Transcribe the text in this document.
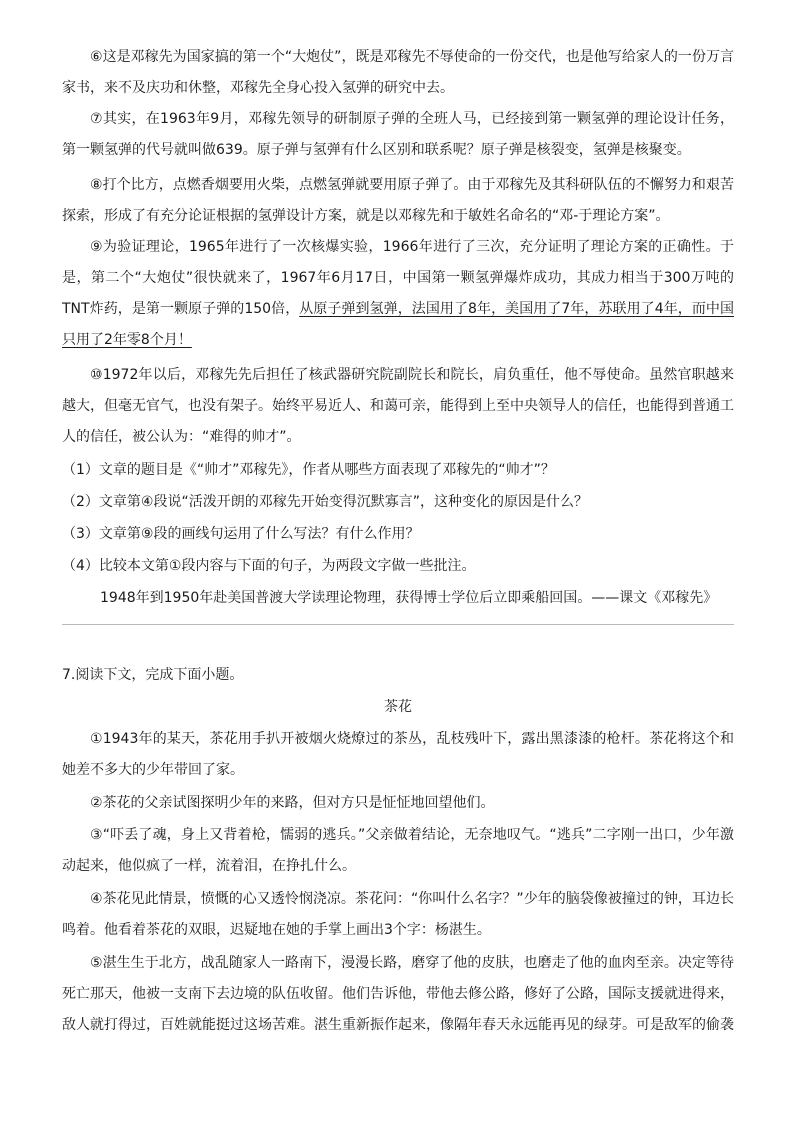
⑥这是邓稼先为国家搞的第一个“大炮仗”，既是邓稼先不辱使命的一份交代，也是他写给家人的一份万言家书，来不及庆功和休整，邓稼先全身心投入氢弹的研究中去。

⑦其实，在1963年9月，邓稼先领导的研制原子弹的全班人马，已经接到第一颗氢弹的理论设计任务，第一颗氢弹的代号就叫做639。原子弹与氢弹有什么区别和联系呢？原子弹是核裂变，氢弹是核聚变。

⑧打个比方，点燃香烟要用火柴，点燃氢弹就要用原子弹了。由于邓稼先及其科研队伍的不懈努力和艰苦探索，形成了有充分论证根据的氢弹设计方案，就是以邓稼先和于敏姓名命名的“邓-于理论方案”。

⑨为验证理论，1965年进行了一次核爆实验，1966年进行了三次，充分证明了理论方案的正确性。于是，第二个“大炮仗”很快就来了，1967年6月17日，中国第一颗氢弹爆炸成功，其成力相当于300万吨的TNT炸药，是第一颗原子弹的150倍，从原子弹到氢弹，法国用了8年，美国用了7年，苏联用了4年，而中国只用了2年零8个月！

⑩1972年以后，邓稼先先后担任了核武器研究院副院长和院长，肩负重任，他不辱使命。虽然官职越来越大，但毫无官气，也没有架子。始终平易近人、和蔼可亲，能得到上至中央领导人的信任，也能得到普通工人的信任，被公认为：“难得的帅才”。

（1）文章的题目是《“帅才”邓稼先》，作者从哪些方面表现了邓稼先的“帅才”？

（2）文章第④段说“活泼开朗的邓稼先开始变得沉默寡言”，这种变化的原因是什么？

（3）文章第⑨段的画线句运用了什么写法？有什么作用？

（4）比较本文第①段内容与下面的句子，为两段文字做一些批注。

1948年到1950年赴美国普渡大学读理论物理，获得博士学位后立即乘船回国。——课文《邓稼先》

7.阅读下文，完成下面小题。

茶花

①1943年的某天，茶花用手扒开被烟火烧燎过的茶丛，乱枝残叶下，露出黑漆漆的枪杆。茶花将这个和她差不多大的少年带回了家。

②茶花的父亲试图探明少年的来路，但对方只是怔怔地回望他们。

③“吓丢了魂，身上又背着枪，懦弱的逃兵。”父亲做着结论，无奈地叹气。“逃兵”二字刚一出口，少年激动起来，他似疯了一样，流着泪，在挣扎什么。

④茶花见此情景，愤慨的心又透怜悯浇凉。茶花问：“你叫什么名字？”少年的脑袋像被撞过的钟，耳边长鸣着。他看着茶花的双眼，迟疑地在她的手掌上画出3个字：杨湛生。

⑤湛生生于北方，战乱随家人一路南下，漫漫长路，磨穿了他的皮肤，也磨走了他的血肉至亲。决定等待死亡那天，他被一支南下去边境的队伍收留。他们告诉他，带他去修公路，修好了公路，国际支援就进得来，敌人就打得过，百姓就能挺过这场苦难。湛生重新振作起来，像隔年春天永远能再见的绿芽。可是敌军的偷袭
